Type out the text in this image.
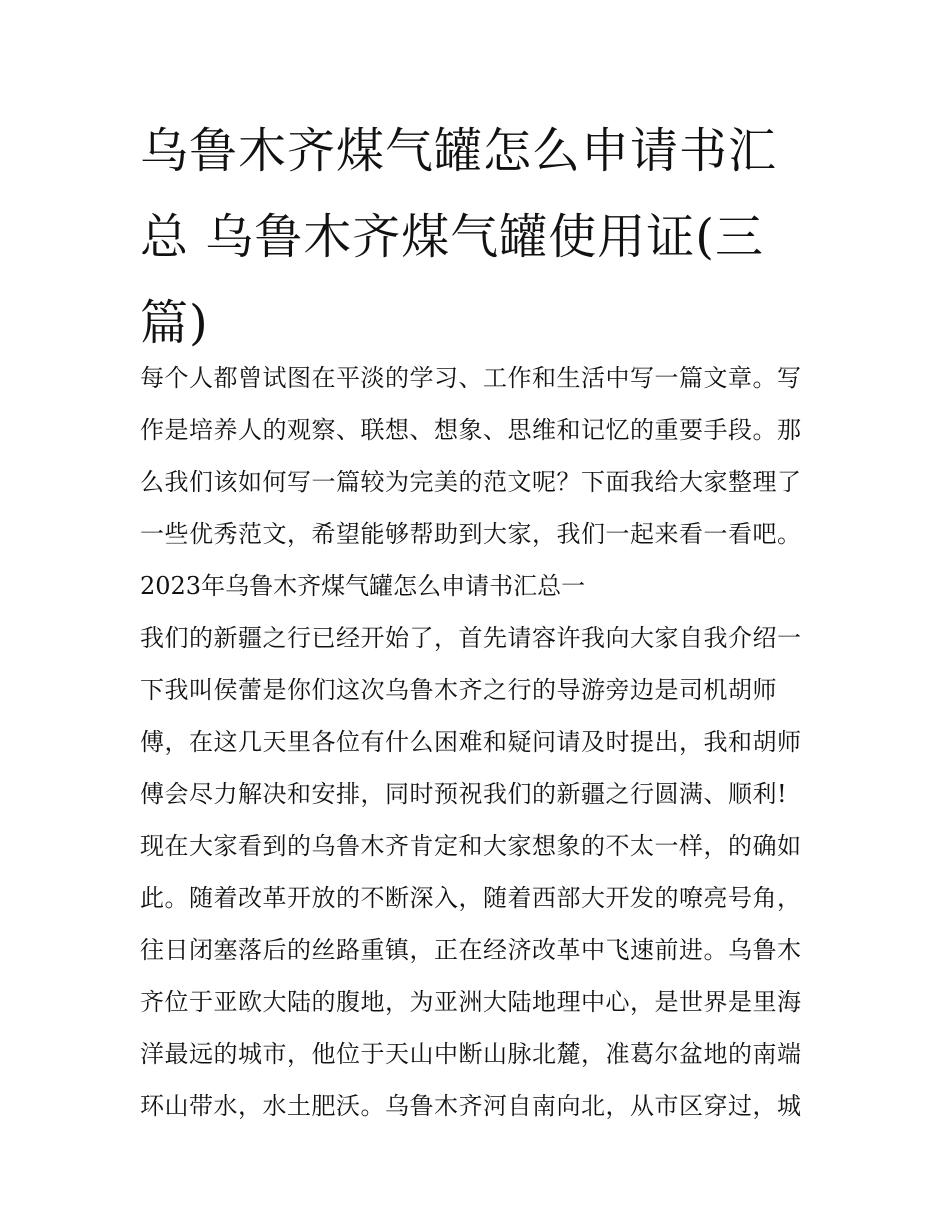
乌鲁木齐煤气罐怎么申请书汇
总 乌鲁木齐煤气罐使用证(三
篇)
每个人都曾试图在平淡的学习、工作和生活中写一篇文章。写
作是培养人的观察、联想、想象、思维和记忆的重要手段。那
么我们该如何写一篇较为完美的范文呢？下面我给大家整理了
一些优秀范文，希望能够帮助到大家，我们一起来看一看吧。
2023年乌鲁木齐煤气罐怎么申请书汇总一
我们的新疆之行已经开始了，首先请容许我向大家自我介绍一
下我叫侯蕾是你们这次乌鲁木齐之行的导游旁边是司机胡师
傅，在这几天里各位有什么困难和疑问请及时提出，我和胡师
傅会尽力解决和安排，同时预祝我们的新疆之行圆满、顺利!
现在大家看到的乌鲁木齐肯定和大家想象的不太一样，的确如
此。随着改革开放的不断深入，随着西部大开发的嘹亮号角，
往日闭塞落后的丝路重镇，正在经济改革中飞速前进。乌鲁木
齐位于亚欧大陆的腹地，为亚洲大陆地理中心，是世界是里海
洋最远的城市，他位于天山中断山脉北麓，准葛尔盆地的南端
环山带水，水土肥沃。乌鲁木齐河自南向北，从市区穿过，城
